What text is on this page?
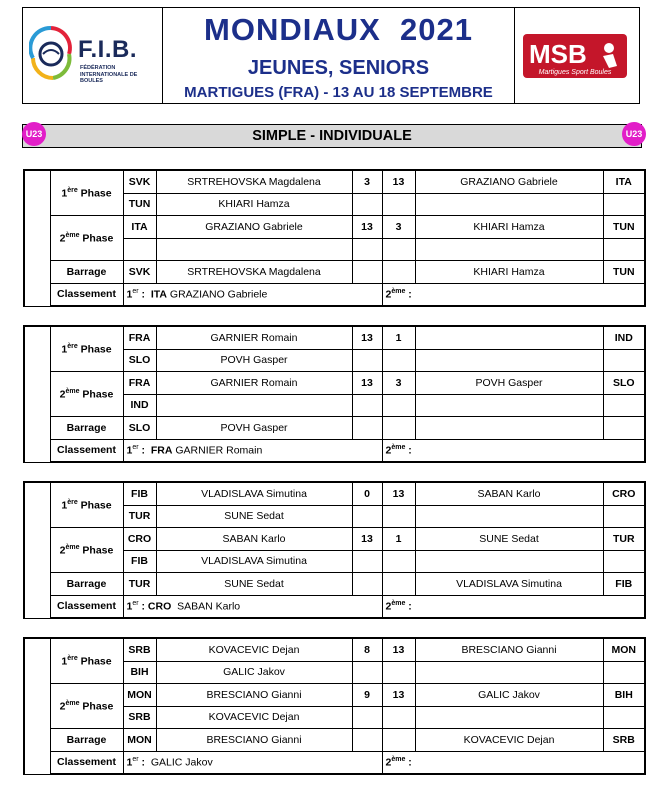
F.I.B.
FÉDÉRATION INTERNATIONALE DE BOULES
MONDIAUX  2021
JEUNES, SENIORS
MARTIGUES (FRA) - 13 AU 18 SEPTEMBRE
MSB
Martigues Sport Boules
SIMPLE - INDIVIDUALE
U23	U23
POULE	1ère Phase	SVK	SRTREHOVSKA Magdalena	3	13	GRAZIANO Gabriele	ITA
		TUN	KHIARI Hamza				
	2ème Phase	ITA	GRAZIANO Gabriele	13	3	KHIARI Hamza	TUN

	Barrage	SVK	SRTREHOVSKA Magdalena			KHIARI Hamza	TUN
	Classement	1er : ITA GRAZIANO Gabriele			2ème :		
	1ère Phase	FRA	GARNIER Romain	13	1		IND
		SLO	POVH Gasper				
	2ème Phase	FRA	GARNIER Romain	13	3	POVH Gasper	SLO
		IND					
	Barrage	SLO	POVH Gasper				
	Classement	1er : FRA GARNIER Romain			2ème :		
	1ère Phase	FIB	VLADISLAVA Simutina	0	13	SABAN Karlo	CRO
		TUR	SUNE Sedat				
	2ème Phase	CRO	SABAN Karlo	13	1	SUNE Sedat	TUR
		FIB	VLADISLAVA Simutina				
	Barrage	TUR	SUNE Sedat			VLADISLAVA Simutina	FIB
	Classement	1er : CRO SABAN Karlo			2ème :		
	1ère Phase	SRB	KOVACEVIC Dejan	8	13	BRESCIANO Gianni	MON
		BIH	GALIC Jakov				
	2ème Phase	MON	BRESCIANO Gianni	9	13	GALIC Jakov	BIH
		SRB	KOVACEVIC Dejan				
	Barrage	MON	BRESCIANO Gianni			KOVACEVIC Dejan	SRB
	Classement	1er : GALIC Jakov			2ème :		
